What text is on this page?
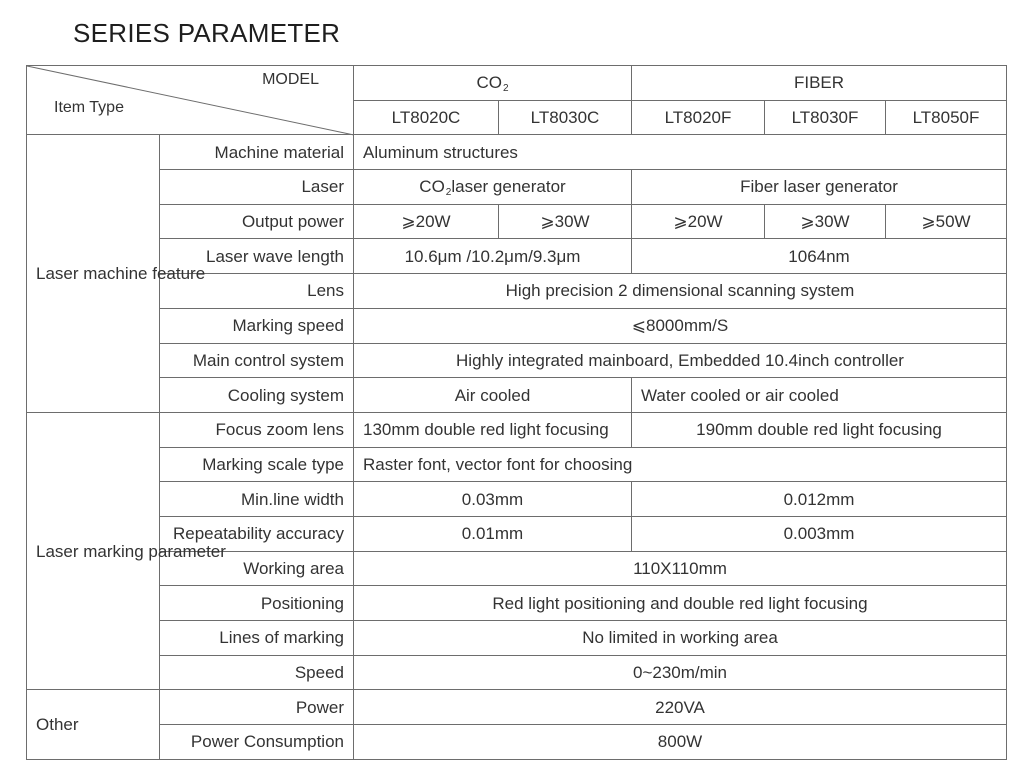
SERIES PARAMETER
MODEL
Item Type		CO2		FIBER		
		LT8020C	LT8030C	LT8020F	LT8030F	LT8050F
Laser machine feature	Machine material	Aluminum structures				
	Laser	CO2laser generator		Fiber laser generator		
	Output power	⩾20W	⩾30W	⩾20W	⩾30W	⩾50W
	Laser wave length	10.6μm /10.2μm/9.3μm		1064nm		
	Lens	High precision 2 dimensional scanning system				
	Marking speed	⩽8000mm/S				
	Main control system	Highly integrated mainboard, Embedded 10.4inch controller				
	Cooling system	Air cooled		Water cooled or air cooled		
Laser marking parameter	Focus zoom lens	130mm double red light focusing		190mm double red light focusing		
	Marking scale type	Raster font, vector font for choosing				
	Min.line width	0.03mm		0.012mm		
	Repeatability accuracy	0.01mm		0.003mm		
	Working area	110X110mm				
	Positioning	Red light positioning and double red light focusing				
	Lines of marking	No limited in working area				
	Speed	0~230m/min				
Other	Power	220VA				
	Power Consumption	800W				
